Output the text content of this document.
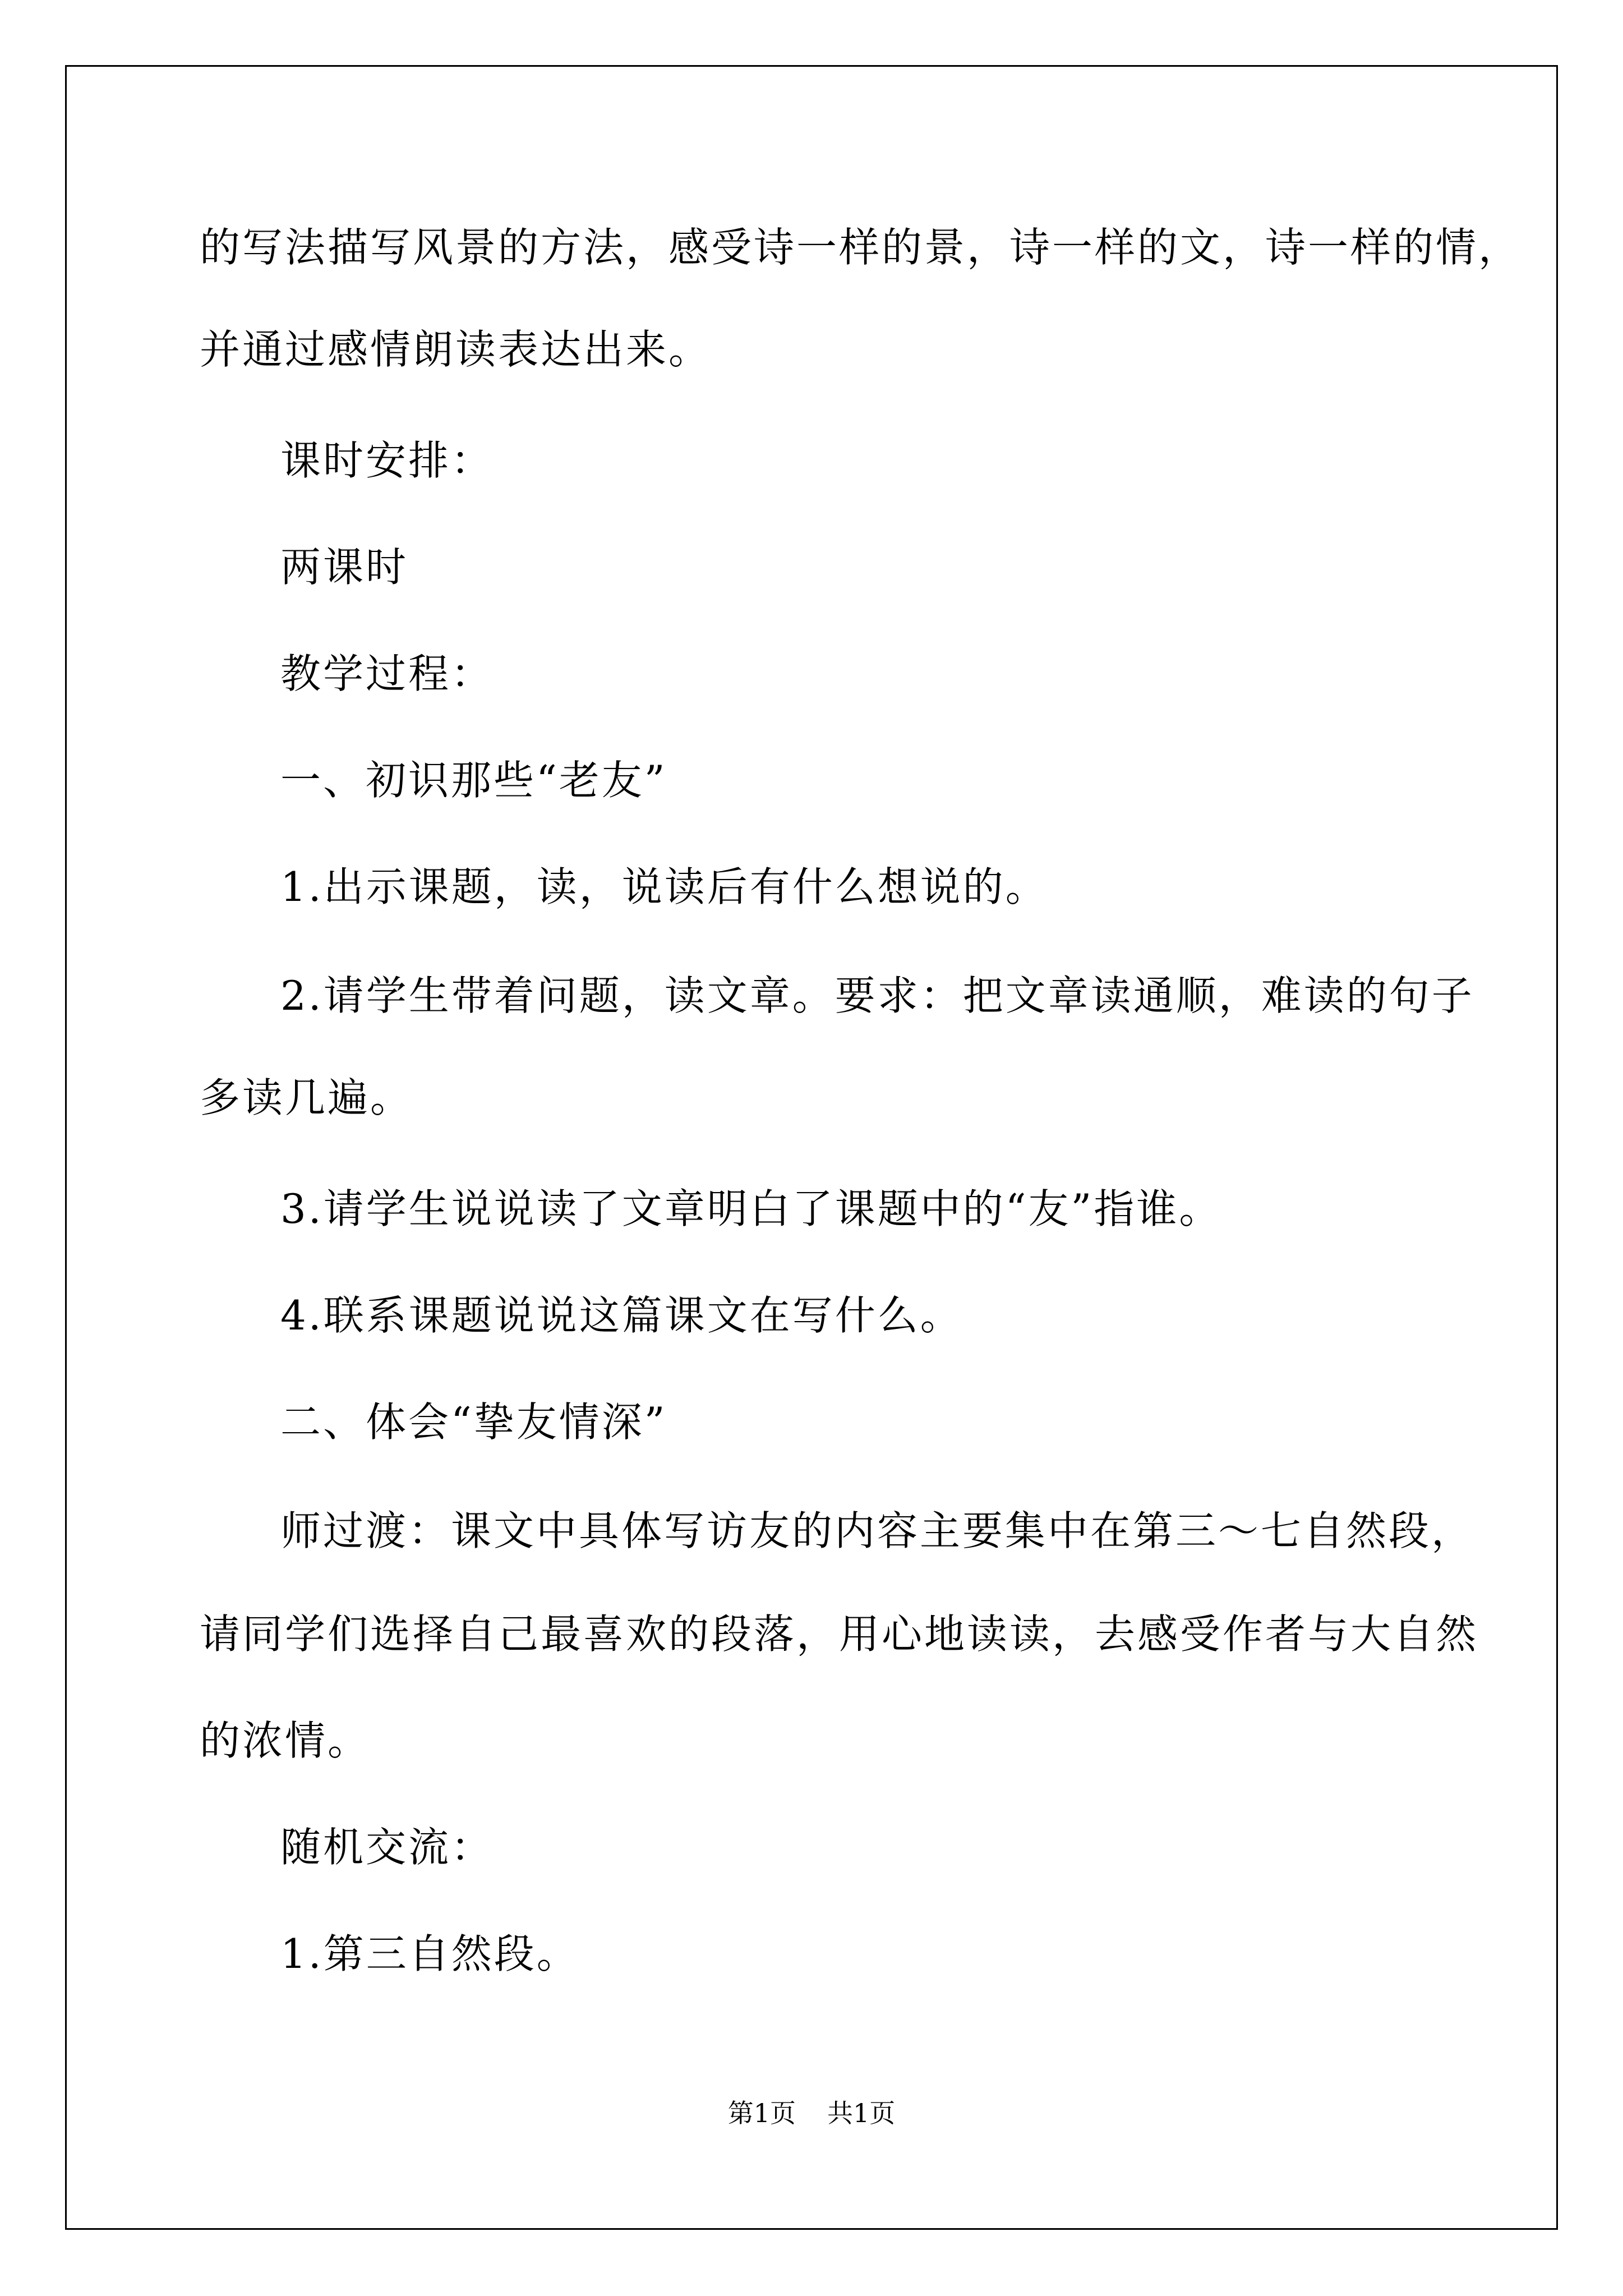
的写法描写风景的方法，感受诗一样的景，诗一样的文，诗一样的情，
并通过感情朗读表达出来。
课时安排：
两课时
教学过程：
一、初识那些“老友”
1.出示课题，读，说读后有什么想说的。
2.请学生带着问题，读文章。要求：把文章读通顺，难读的句子
多读几遍。
3.请学生说说读了文章明白了课题中的“友”指谁。
4.联系课题说说这篇课文在写什么。
二、体会“挚友情深”
师过渡：课文中具体写访友的内容主要集中在第三～七自然段，
请同学们选择自己最喜欢的段落，用心地读读，去感受作者与大自然
的浓情。
随机交流：
1.第三自然段。
第1页 共1页
